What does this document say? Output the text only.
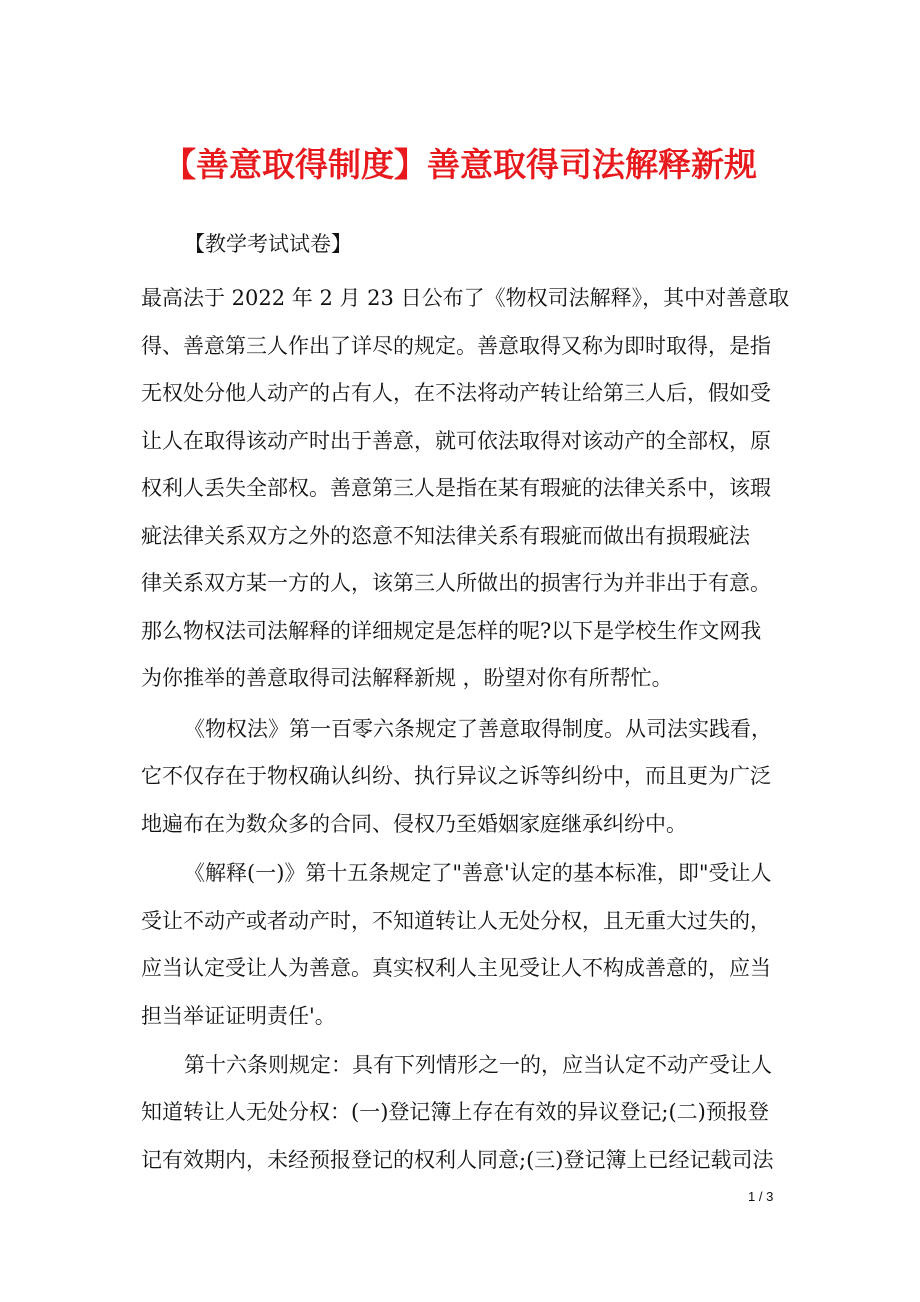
【善意取得制度】善意取得司法解释新规
【教学考试试卷】
最高法于 2022 年 2 月 23 日公布了《物权司法解释》，其中对善意取
得、善意第三人作出了详尽的规定。善意取得又称为即时取得，是指
无权处分他人动产的占有人，在不法将动产转让给第三人后，假如受
让人在取得该动产时出于善意，就可依法取得对该动产的全部权，原
权利人丢失全部权。善意第三人是指在某有瑕疵的法律关系中，该瑕
疵法律关系双方之外的恣意不知法律关系有瑕疵而做出有损瑕疵法
律关系双方某一方的人，该第三人所做出的损害行为并非出于有意。
那么物权法司法解释的详细规定是怎样的呢?以下是学校生作文网我
为你推举的善意取得司法解释新规 ，盼望对你有所帮忙。
《物权法》第一百零六条规定了善意取得制度。从司法实践看，
它不仅存在于物权确认纠纷、执行异议之诉等纠纷中，而且更为广泛
地遍布在为数众多的合同、侵权乃至婚姻家庭继承纠纷中。
《解释(一)》第十五条规定了"善意'认定的基本标准，即"受让人
受让不动产或者动产时，不知道转让人无处分权，且无重大过失的，
应当认定受让人为善意。真实权利人主见受让人不构成善意的，应当
担当举证证明责任'。
第十六条则规定：具有下列情形之一的，应当认定不动产受让人
知道转让人无处分权：(一)登记簿上存在有效的异议登记;(二)预报登
记有效期内，未经预报登记的权利人同意;(三)登记簿上已经记载司法
1 / 3
